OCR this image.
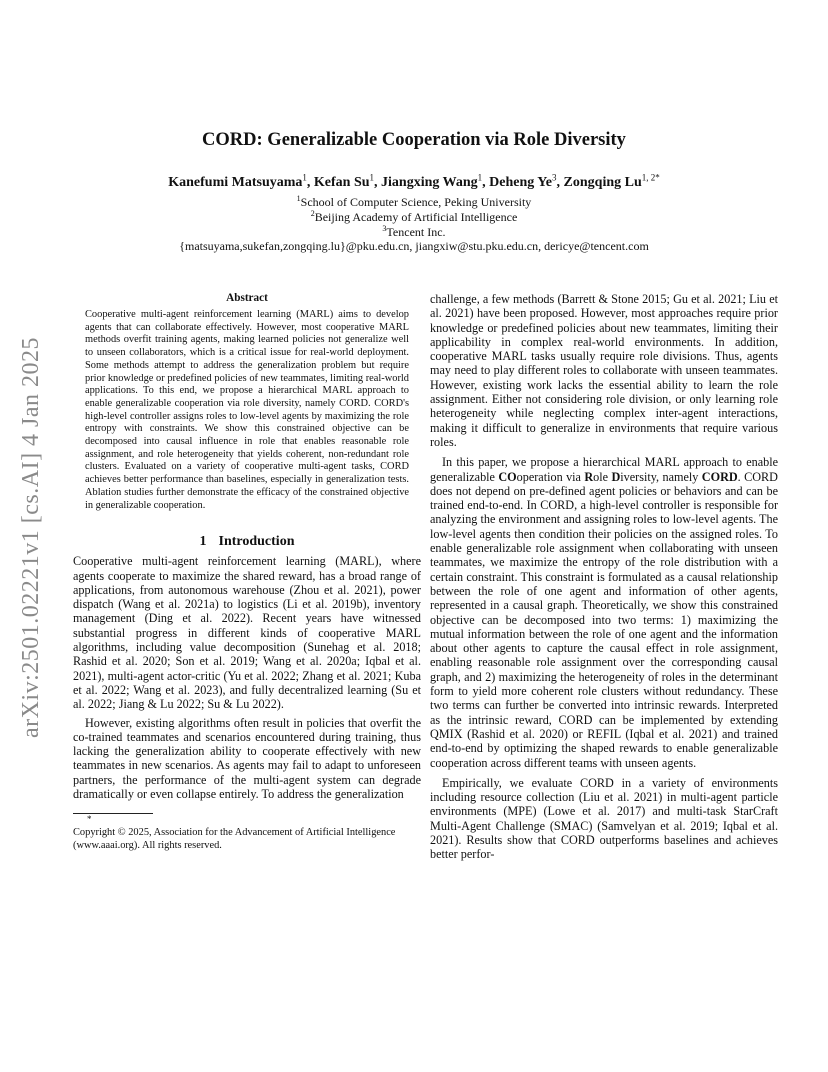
arXiv:2501.02221v1 [cs.AI] 4 Jan 2025
CORD: Generalizable Cooperation via Role Diversity
Kanefumi Matsuyama$^1$, Kefan Su$^1$, Jiangxing Wang$^1$, Deheng Ye$^3$, Zongqing $Lu^{1, 2*}$
$^1$School of Computer Science, Peking University
$^2$Beijing Academy of Artificial Intelligence
$^3$Tencent Inc.
{matsuyama,sukefan,zongqing.lu}@pku.edu.cn, jiangxiw@stu.pku.edu.cn, dericye@tencent.com
Abstract

Cooperative multi-agent reinforcement learning (MARL) aims to develop agents that can collaborate effectively. However, most cooperative MARL methods overfit training agents, making learned policies not generalize well to unseen collaborators, which is a critical issue for real-world deployment. Some methods attempt to address the generalization problem but require prior knowledge or predefined policies of new teammates, limiting real-world applications. To this end, we propose a hierarchical MARL approach to enable generalizable cooperation via role diversity, namely CORD. CORD's high-level controller assigns roles to low-level agents by maximizing the role entropy with constraints. We show this constrained objective can be decomposed into causal influence in role that enables reasonable role assignment, and role heterogeneity that yields coherent, non-redundant role clusters. Evaluated on a variety of cooperative multi-agent tasks, CORD achieves better performance than baselines, especially in generalization tests. Ablation studies further demonstrate the efficacy of the constrained objective in generalizable cooperation.

1 Introduction

Cooperative multi-agent reinforcement learning (MARL), where agents cooperate to maximize the shared reward, has a broad range of applications, from autonomous warehouse (Zhou et al. 2021), power dispatch (Wang et al. 2021a) to logistics (Li et al. 2019b), inventory management (Ding et al. 2022). Recent years have witnessed substantial progress in different kinds of cooperative MARL algorithms, including value decomposition (Sunehag et al. 2018; Rashid et al. 2020; Son et al. 2019; Wang et al. 2020a; Iqbal et al. 2021), multi-agent actor-critic (Yu et al. 2022; Zhang et al. 2021; Kuba et al. 2022; Wang et al. 2023), and fully decentralized learning (Su et al. 2022; Jiang & Lu 2022; Su & Lu 2022).

However, existing algorithms often result in policies that overfit the co-trained teammates and scenarios encountered during training, thus lacking the generalization ability to cooperate effectively with new teammates in new scenarios. As agents may fail to adapt to unforeseen partners, the performance of the multi-agent system can degrade dramatically or even collapse entirely. To address the generalization

*
Copyright © 2025, Association for the Advancement of Artificial Intelligence (www.aaai.org). All rights reserved.

challenge, a few methods (Barrett & Stone 2015; Gu et al. 2021; Liu et al. 2021) have been proposed. However, most approaches require prior knowledge or predefined policies about new teammates, limiting their applicability in complex real-world environments. In addition, cooperative MARL tasks usually require role divisions. Thus, agents may need to play different roles to collaborate with unseen teammates. However, existing work lacks the essential ability to learn the role assignment. Either not considering role division, or only learning role heterogeneity while neglecting complex inter-agent interactions, making it difficult to generalize in environments that require various roles.

In this paper, we propose a hierarchical MARL approach to enable generalizable COoperation via Role Diversity, namely CORD. CORD does not depend on pre-defined agent policies or behaviors and can be trained end-to-end. In CORD, a high-level controller is responsible for analyzing the environment and assigning roles to low-level agents. The low-level agents then condition their policies on the assigned roles. To enable generalizable role assignment when collaborating with unseen teammates, we maximize the entropy of the role distribution with a certain constraint. This constraint is formulated as a causal relationship between the role of one agent and information of other agents, represented in a causal graph. Theoretically, we show this constrained objective can be decomposed into two terms: 1) maximizing the mutual information between the role of one agent and the information about other agents to capture the causal effect in role assignment, enabling reasonable role assignment over the corresponding causal graph, and 2) maximizing the heterogeneity of roles in the determinant form to yield more coherent role clusters without redundancy. These two terms can further be converted into intrinsic rewards. Interpreted as the intrinsic reward, CORD can be implemented by extending QMIX (Rashid et al. 2020) or REFIL (Iqbal et al. 2021) and trained end-to-end by optimizing the shaped rewards to enable generalizable cooperation across different teams with unseen agents.

Empirically, we evaluate CORD in a variety of environments including resource collection (Liu et al. 2021) in multi-agent particle environments (MPE) (Lowe et al. 2017) and multi-task StarCraft Multi-Agent Challenge (SMAC) (Samvelyan et al. 2019; Iqbal et al. 2021). Results show that CORD outperforms baselines and achieves better perfor-
